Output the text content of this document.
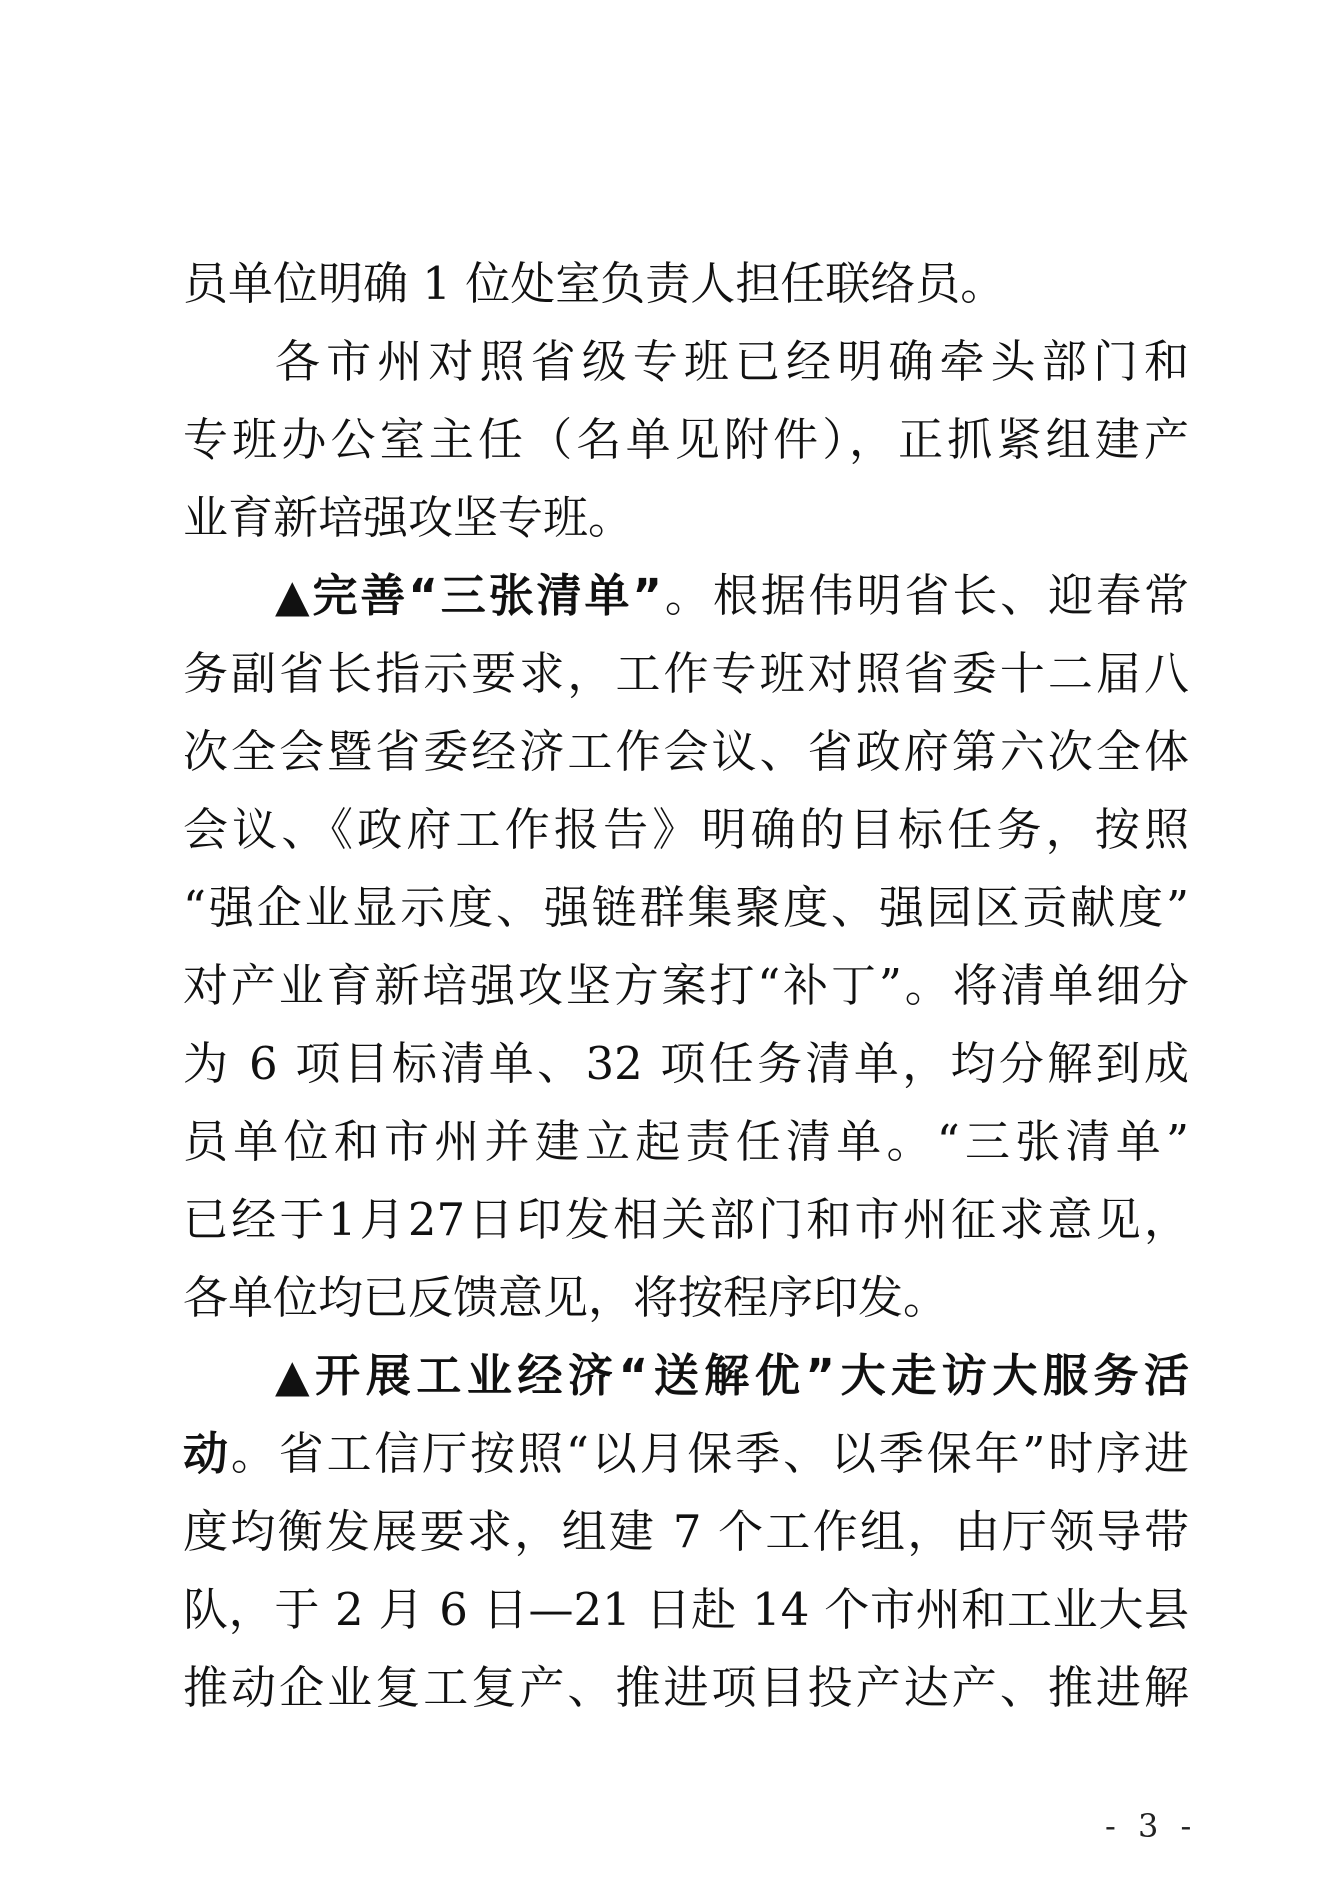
员单位明确 1 位处室负责人担任联络员。
各市州对照省级专班已经明确牵头部门和
专班办公室主任（名单见附件），正抓紧组建产
业育新培强攻坚专班。
▲完善“三张清单”。根据伟明省长、迎春常
务副省长指示要求，工作专班对照省委十二届八
次全会暨省委经济工作会议、省政府第六次全体
会议、《政府工作报告》明确的目标任务，按照
“强企业显示度、强链群集聚度、强园区贡献度”
对产业育新培强攻坚方案打“补丁”。将清单细分
为 6 项目标清单、32 项任务清单，均分解到成
员单位和市州并建立起责任清单。“三张清单”
已经于1月27日印发相关部门和市州征求意见，
各单位均已反馈意见，将按程序印发。
▲开展工业经济“送解优”大走访大服务活
动。省工信厅按照“以月保季、以季保年”时序进
度均衡发展要求，组建 7 个工作组，由厅领导带
队，于 2 月 6 日—21 日赴 14 个市州和工业大县
推动企业复工复产、推进项目投产达产、推进解
- 3 -
